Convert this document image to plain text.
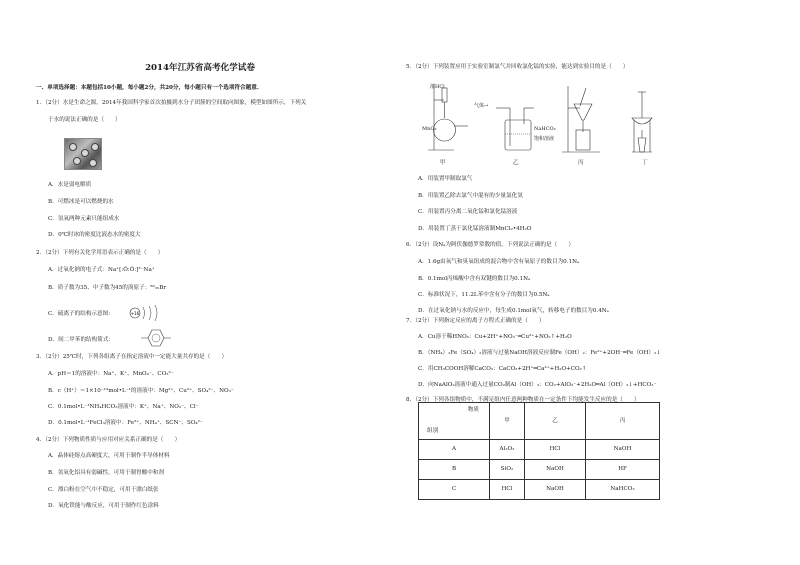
2014年江苏省高考化学试卷
一、单项选择题：本题包括10小题，每小题2分，共20分，每小题只有一个选项符合题意.
1．（2分）水是生命之源，2014年我国科学家首次拍摄到水分子团簇的空间取向图象，模型如图所示，下列关
于水的说法正确的是（　　）
A．水是弱电解质
B．可燃冰是可以燃烧的水
C．氢氧两种元素只能组成水
D．0℃时冰的密度比液态水的密度大
2．（2分）下列有关化学用语表示正确的是（　　）
A．过氧化钠的电子式：Na⁺[:Ö:Ö:]²⁻Na⁺
B．质子数为35、中子数为45的溴原子：⁸⁰₃₅Br
C．硫离子的结构示意图：	+16
D．间二甲苯的结构简式：
3．（2分）25℃时，下列各组离子在指定溶液中一定能大量共存的是（　　）
A．pH＝1的溶液中：Na⁺、K⁺、MnO₄⁻、CO₃²⁻
B．c（H⁺）＝1×10⁻¹³mol•L⁻¹的溶液中：Mg²⁺、Cu²⁺、SO₄²⁻、NO₃⁻
C．0.1mol•L⁻¹NH₄HCO₃溶液中：K⁺、Na⁺、NO₃⁻、Cl⁻
D．0.1mol•L⁻¹FeCl₃溶液中：Fe²⁺、NH₄⁺、SCN⁻、SO₄²⁻
4．（2分）下列物质性质与应用对应关系正确的是（　　）
A．晶体硅熔点高硬度大，可用于制作半导体材料
B．氢氧化铝具有弱碱性，可用于制胃酸中和剂
C．漂白粉在空气中不稳定，可用于漂白纸张
D．氧化铁能与酸反应，可用于制作红色涂料
5．（2分）下列装置应用于实验室制氯气并回收氯化锰的实验，能达到实验目的是（　　）
浓HCl
MnO₂
气体→
NaHCO₃
饱和溶液
甲	乙	丙	丁
A．用装置甲制取氯气
B．用装置乙除去氯气中混有的少量氯化氢
C．用装置丙分离二氧化锰和氯化锰溶液
D．用装置丁蒸干氯化锰溶液制MnCl₂•4H₂O
6．（2分）设Nₐ为阿伏伽德罗常数的值，下列说法正确的是（　　）
A．1.6g由氧气和臭氧组成的混合物中含有氧原子的数目为0.1Nₐ
B．0.1mol丙烯酸中含有双键的数目为0.1Nₐ
C．标准状况下，11.2L苯中含有分子的数目为0.5Nₐ
D．在过氧化钠与水的反应中，每生成0.1mol氧气，转移电子的数目为0.4Nₐ
7．（2分）下列指定反应的离子方程式正确的是（　　）
A．Cu溶于稀HNO₃：Cu+2H⁺+NO₃⁻═Cu²⁺+NO₂↑+H₂O
B．（NH₄）₂Fe（SO₄）₂溶液与过量NaOH溶液反应制Fe（OH）₂：Fe²⁺+2OH⁻═Fe（OH）₂↓
C．用CH₃COOH溶解CaCO₃：CaCO₃+2H⁺═Ca²⁺+H₂O+CO₂↑
D．向NaAlO₂溶液中通入过量CO₂制Al（OH）₃：CO₂+AlO₂⁻+2H₂O═Al（OH）₃↓+HCO₃⁻
8．（2分）下列各组物质中，不满足组内任意两种物质在一定条件下均能发生反应的是（　　）
物质
组别	甲	乙	丙
A	Al₂O₃	HCl	NaOH
B	SiO₂	NaOH	HF
C	HCl	NaOH	NaHCO₃
